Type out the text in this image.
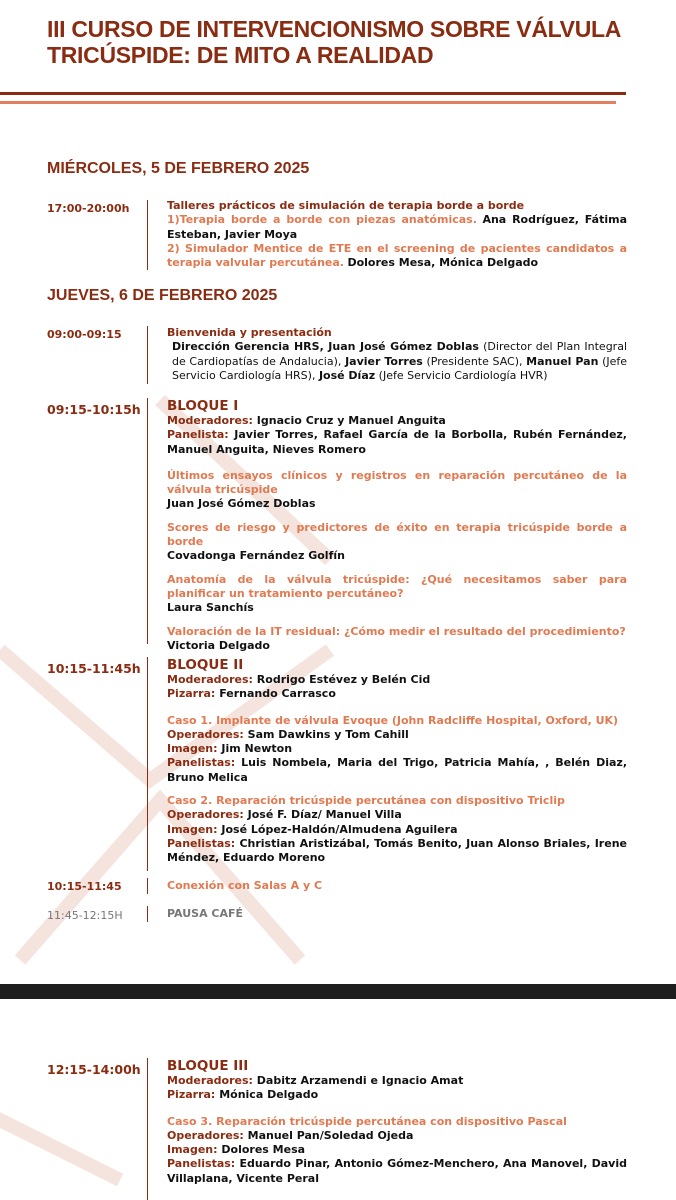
III CURSO DE INTERVENCIONISMO SOBRE VÁLVULA
TRICÚSPIDE: DE MITO A REALIDAD
MIÉRCOLES, 5 DE FEBRERO 2025
17:00-20:00h	Talleres prácticos de simulación de terapia borde a borde

1)Terapia borde a borde con piezas anatómicas. Ana Rodríguez, Fátima Esteban, Javier Moya

2) Simulador Mentice de ETE en el screening de pacientes candidatos a terapia valvular percutánea. Dolores Mesa, Mónica Delgado

JUEVES, 6 DE FEBRERO 2025
09:00-09:15	Bienvenida y presentación

Dirección Gerencia HRS, Juan José Gómez Doblas (Director del Plan Integral de Cardiopatías de Andalucia), Javier Torres (Presidente SAC), Manuel Pan (Jefe Servicio Cardiología HRS), José Díaz (Jefe Servicio Cardiología HVR)

09:15-10:15h BLOQUE I

Moderadores: Ignacio Cruz y Manuel Anguita

Panelista: Javier Torres, Rafael García de la Borbolla, Rubén Fernández, Manuel Anguita, Nieves Romero

Últimos ensayos clínicos y registros en reparación percutáneo de la válvula tricúspide

Juan José Gómez Doblas

Scores de riesgo y predictores de éxito en terapia tricúspide borde a borde

Covadonga Fernández Golfín

Anatomía de la válvula tricúspide: ¿Qué necesitamos saber para planificar un tratamiento percutáneo?

Laura Sanchís

Valoración de la IT residual: ¿Cómo medir el resultado del procedimiento?

Victoria Delgado

10:15-11:45h BLOQUE II

Moderadores: Rodrigo Estévez y Belén Cid

Pizarra: Fernando Carrasco

Caso 1. Implante de válvula Evoque (John Radcliffe Hospital, Oxford, UK)

Operadores: Sam Dawkins y Tom Cahill

Imagen: Jim Newton

Panelistas: Luis Nombela, Maria del Trigo, Patricia Mahía, , Belén Diaz, Bruno Melica

Caso 2. Reparación tricúspide percutánea con dispositivo Triclip

Operadores: José F. Díaz/ Manuel Villa

Imagen: José López-Haldón/Almudena Aguilera

Panelistas: Christian Aristizábal, Tomás Benito, Juan Alonso Briales, Irene Méndez, Eduardo Moreno

10:15-11:45	Conexión con Salas A y C

11:45-12:15H	PAUSA CAFÉ

12:15-14:00h BLOQUE III

Moderadores: Dabitz Arzamendi e Ignacio Amat

Pizarra: Mónica Delgado

Caso 3. Reparación tricúspide percutánea con dispositivo Pascal

Operadores: Manuel Pan/Soledad Ojeda

Imagen: Dolores Mesa

Panelistas: Eduardo Pinar, Antonio Gómez-Menchero, Ana Manovel, David Villaplana, Vicente Peral
